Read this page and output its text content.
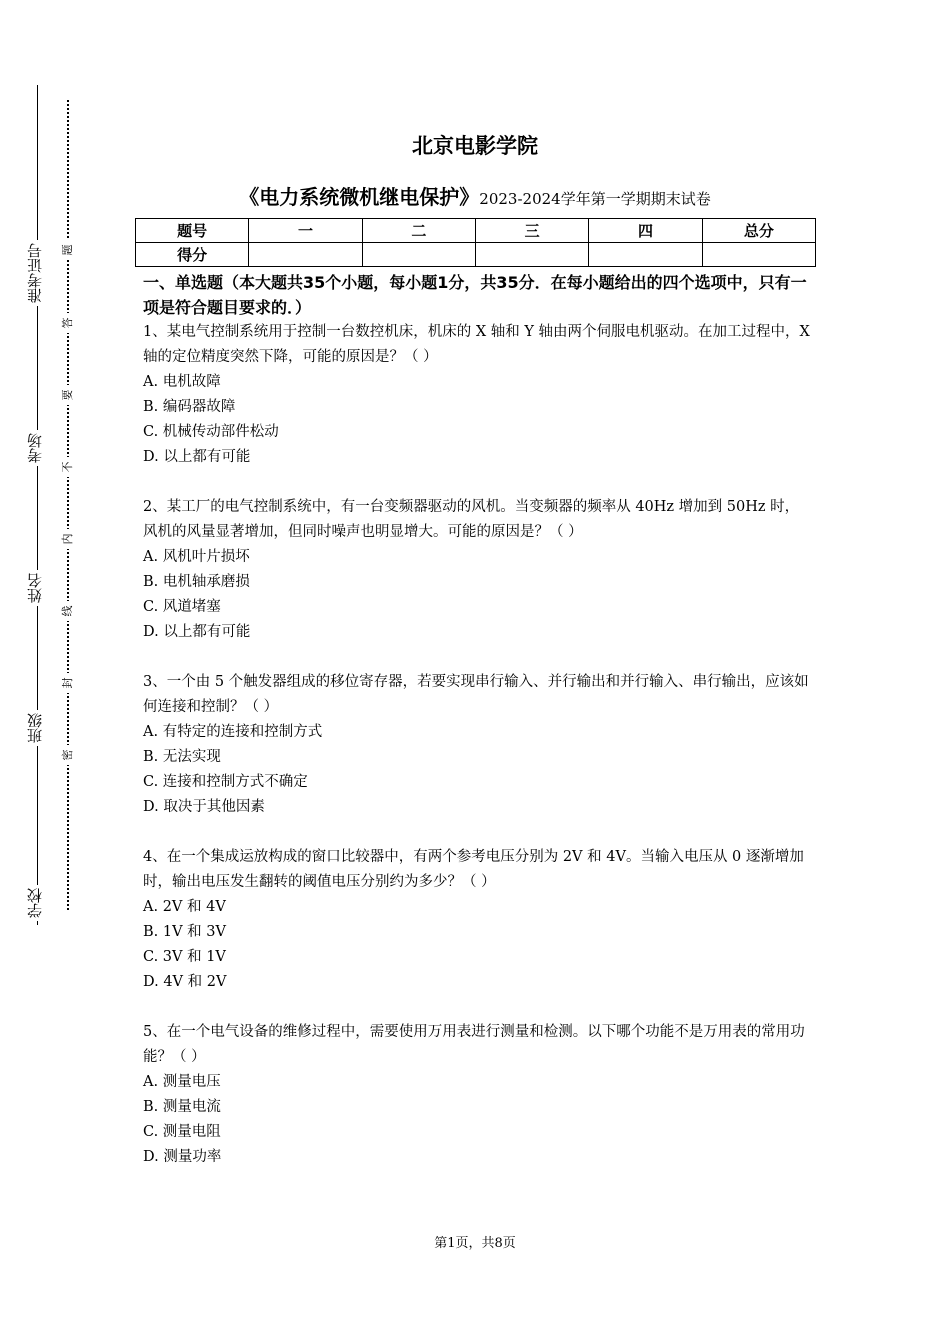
准考证号
考场
姓名
班级
学校
题
答
要
不
内
线
封
密
北京电影学院
《电力系统微机继电保护》2023-2024学年第一学期期末试卷
题号	一	二	三	四	总分
得分					

一、单选题（本大题共35个小题，每小题1分，共35分．在每小题给出的四个选项中，只有一项是符合题目要求的．）

1、某电气控制系统用于控制一台数控机床，机床的 X 轴和 Y 轴由两个伺服电机驱动。在加工过程中，X 轴的定位精度突然下降，可能的原因是？（ ）

A. 电机故障

B. 编码器故障

C. 机械传动部件松动

D. 以上都有可能

2、某工厂的电气控制系统中，有一台变频器驱动的风机。当变频器的频率从 40Hz 增加到 50Hz 时，风机的风量显著增加，但同时噪声也明显增大。可能的原因是？（ ）

A. 风机叶片损坏

B. 电机轴承磨损

C. 风道堵塞

D. 以上都有可能

3、一个由 5 个触发器组成的移位寄存器，若要实现串行输入、并行输出和并行输入、串行输出，应该如何连接和控制？（ ）

A. 有特定的连接和控制方式

B. 无法实现

C. 连接和控制方式不确定

D. 取决于其他因素

4、在一个集成运放构成的窗口比较器中，有两个参考电压分别为 2V 和 4V。当输入电压从 0 逐渐增加时，输出电压发生翻转的阈值电压分别约为多少？（ ）

A. 2V 和 4V

B. 1V 和 3V

C. 3V 和 1V

D. 4V 和 2V

5、在一个电气设备的维修过程中，需要使用万用表进行测量和检测。以下哪个功能不是万用表的常用功能？（ ）

A. 测量电压

B. 测量电流

C. 测量电阻

D. 测量功率

第1页，共8页
